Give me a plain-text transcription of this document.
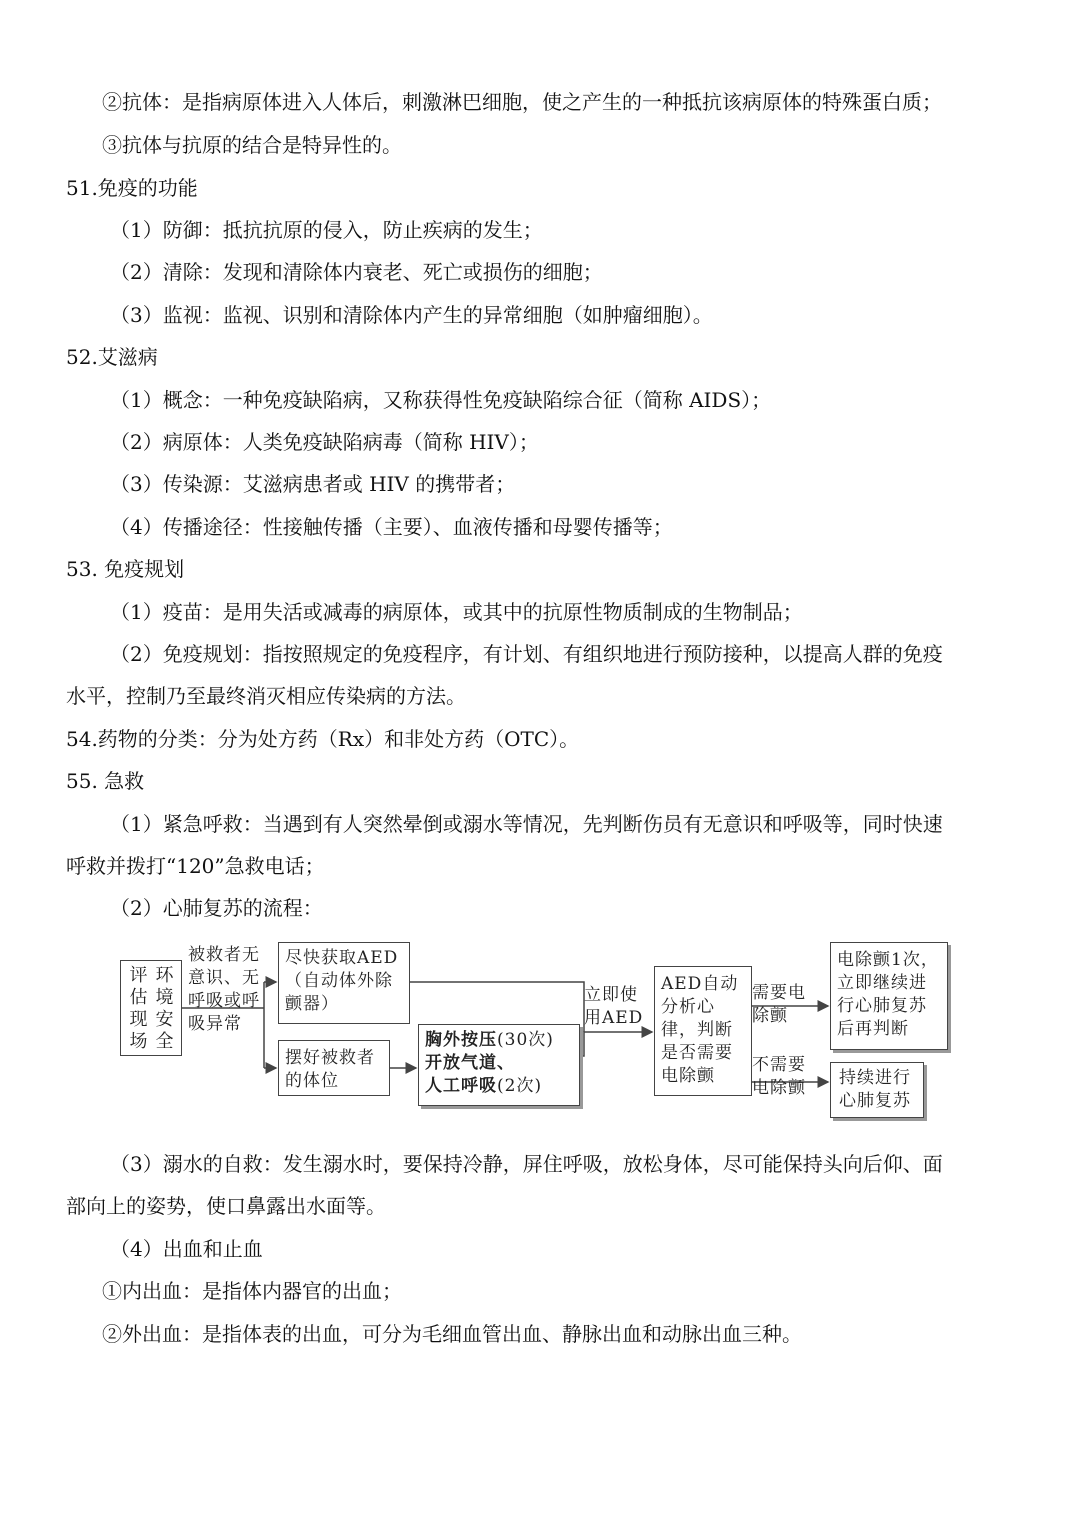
②抗体：是指病原体进入人体后，刺激淋巴细胞，使之产生的一种抵抗该病原体的特殊蛋白质；
③抗体与抗原的结合是特异性的。
51.免疫的功能
（1）防御：抵抗抗原的侵入，防止疾病的发生；
（2）清除：发现和清除体内衰老、死亡或损伤的细胞；
（3）监视：监视、识别和清除体内产生的异常细胞（如肿瘤细胞）。
52.艾滋病
（1）概念：一种免疫缺陷病，又称获得性免疫缺陷综合征（简称 AIDS）；
（2）病原体：人类免疫缺陷病毒（简称 HIV）；
（3）传染源：艾滋病患者或 HIV 的携带者；
（4）传播途径：性接触传播（主要）、血液传播和母婴传播等；
53. 免疫规划
（1）疫苗：是用失活或减毒的病原体，或其中的抗原性物质制成的生物制品；
（2）免疫规划：指按照规定的免疫程序，有计划、有组织地进行预防接种，以提高人群的免疫
水平，控制乃至最终消灭相应传染病的方法。
54.药物的分类：分为处方药（Rx）和非处方药（OTC）。
55. 急救
（1）紧急呼救：当遇到有人突然晕倒或溺水等情况，先判断伤员有无意识和呼吸等，同时快速
呼救并拨打“120”急救电话；
（2）心肺复苏的流程：
评估现场
环境安全
被救者无意识、无呼吸或呼吸异常
尽快获取AED（自动体外除颤器）
摆好被救者的体位
胸外按压(30次)
开放气道、
人工呼吸(2次)
立即使用AED
AED自动分析心律，判断是否需要电除颤
需要电除颤
不需要电除颤
电除颤1次，立即继续进行心肺复苏后再判断
持续进行心肺复苏
（3）溺水的自救：发生溺水时，要保持冷静，屏住呼吸，放松身体，尽可能保持头向后仰、面
部向上的姿势，使口鼻露出水面等。
（4）出血和止血
①内出血：是指体内器官的出血；
②外出血：是指体表的出血，可分为毛细血管出血、静脉出血和动脉出血三种。
